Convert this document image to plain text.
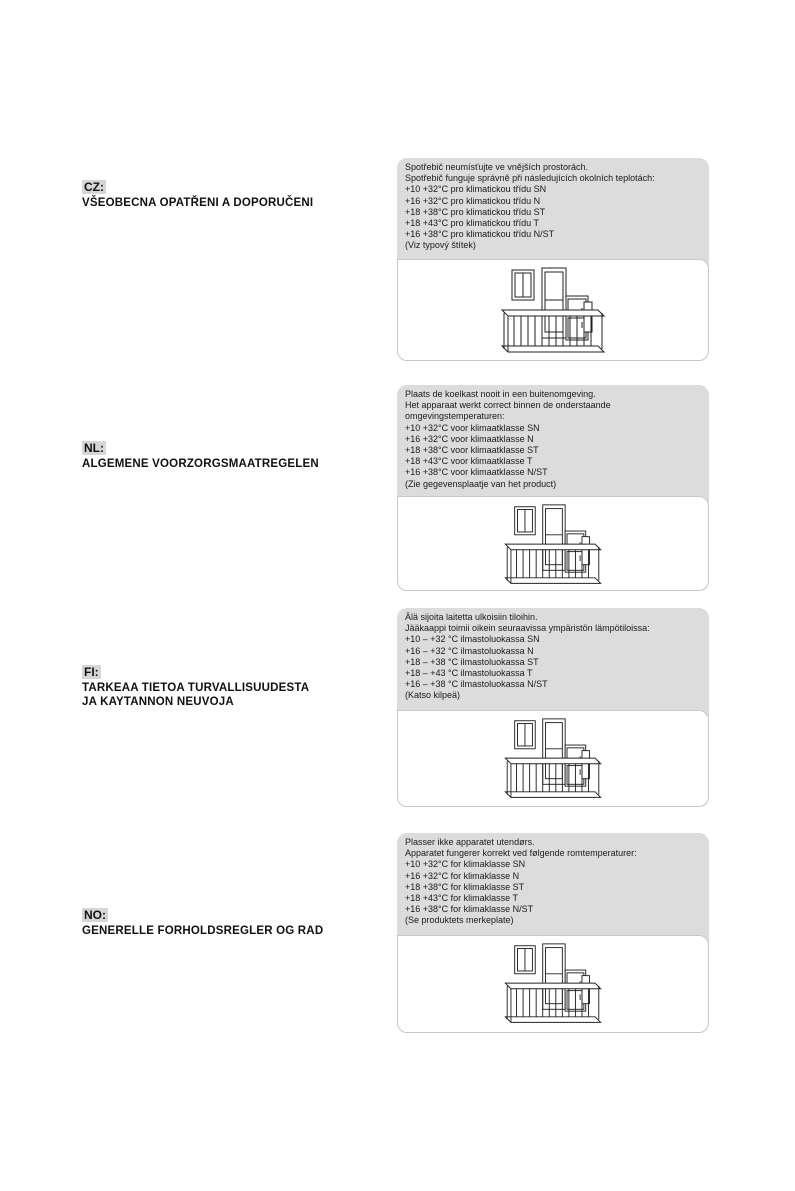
CZ:
VŠEOBECNA OPATŘENI A DOPORUČENI
Spotřebič neumísťujte ve vnějších prostorách.
Spotřebič funguje správně při následujících okolních teplotách:
+10 +32°C pro klimatickou třídu SN
+16 +32°C pro klimatickou třídu N
+18 +38°C pro klimatickou třídu ST
+18 +43°C pro klimatickou třídu T
+16 +38°C pro klimatickou třídu N/ST
(Viz typový štítek)
NL:
ALGEMENE VOORZORGSMAATREGELEN
Plaats de koelkast nooit in een buitenomgeving.
Het apparaat werkt correct binnen de onderstaande
omgevingstemperaturen:
+10 +32°C voor klimaatklasse SN
+16 +32°C voor klimaatklasse N
+18 +38°C voor klimaatklasse ST
+18 +43°C voor klimaatklasse T
+16 +38°C voor klimaatklasse N/ST
(Zie gegevensplaatje van het product)
FI:
TARKEAA TIETOA TURVALLISUUDESTA
JA KAYTANNON NEUVOJA
Älä sijoita laitetta ulkoisiin tiloihin.
Jääkaappi toimii oikein seuraavissa ympäristön lämpötiloissa:
+10 – +32 °C ilmastoluokassa SN
+16 – +32 °C ilmastoluokassa N
+18 – +38 °C ilmastoluokassa ST
+18 – +43 °C ilmastoluokassa T
+16 – +38 °C ilmastoluokassa N/ST
(Katso kilpeä)
NO:
GENERELLE FORHOLDSREGLER OG RAD
Plasser ikke apparatet utendørs.
Apparatet fungerer korrekt ved følgende romtemperaturer:
+10 +32°C for klimaklasse SN
+16 +32°C for klimaklasse N
+18 +38°C for klimaklasse ST
+18 +43°C for klimaklasse T
+16 +38°C for klimaklasse N/ST
(Se produktets merkeplate)
